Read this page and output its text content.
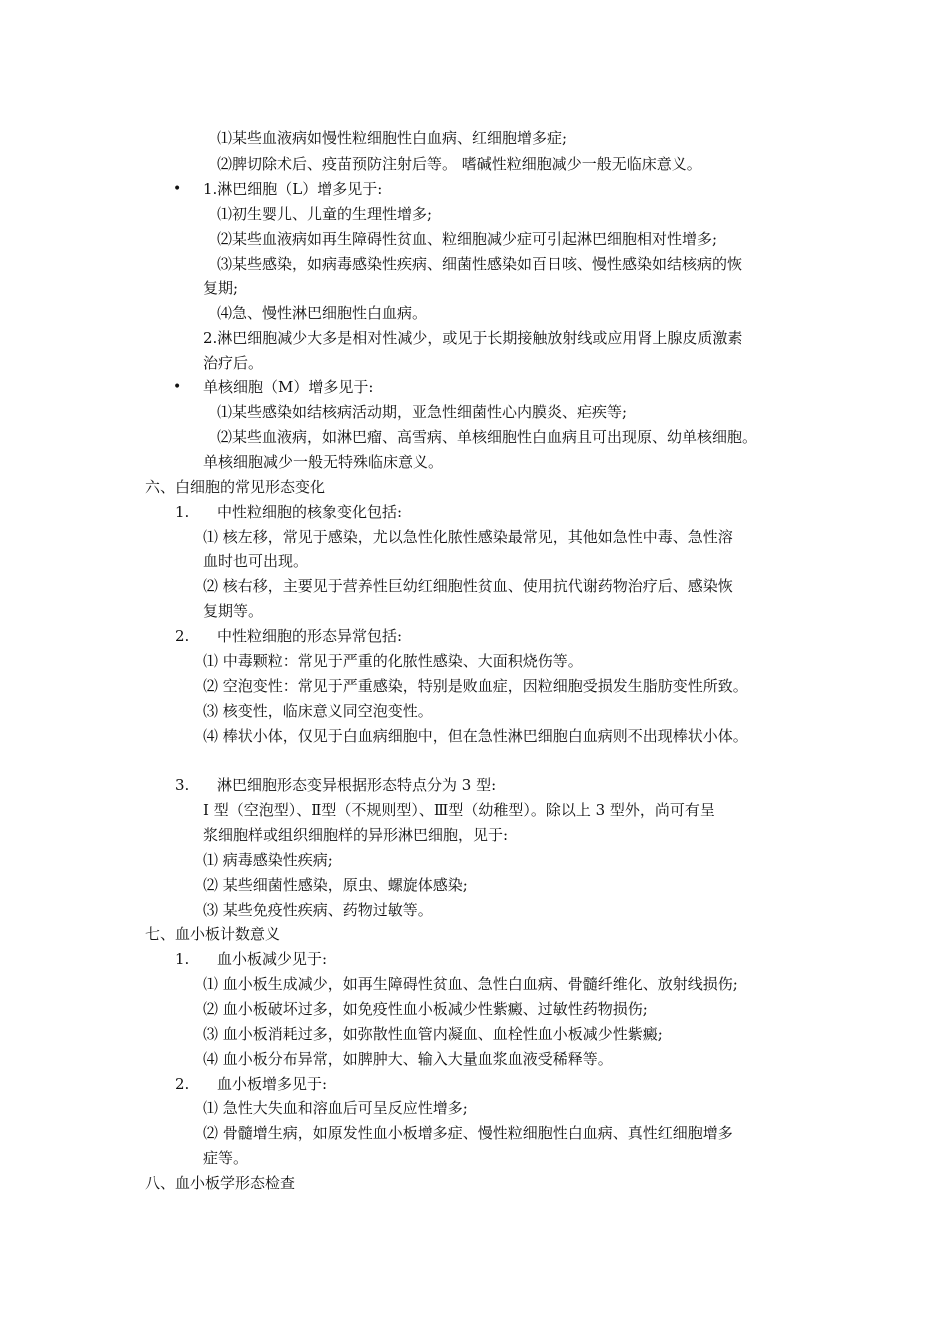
⑴某些血液病如慢性粒细胞性白血病、红细胞增多症;
⑵脾切除术后、疫苗预防注射后等。 嗜碱性粒细胞减少一般无临床意义。
• 1.淋巴细胞（L）增多见于:
⑴初生婴儿、儿童的生理性增多;
⑵某些血液病如再生障碍性贫血、粒细胞减少症可引起淋巴细胞相对性增多;
⑶某些感染，如病毒感染性疾病、细菌性感染如百日咳、慢性感染如结核病的恢
复期;
⑷急、慢性淋巴细胞性白血病。
2.淋巴细胞减少大多是相对性减少，或见于长期接触放射线或应用肾上腺皮质激素
治疗后。
• 单核细胞（M）增多见于:
⑴某些感染如结核病活动期，亚急性细菌性心内膜炎、疟疾等;
⑵某些血液病，如淋巴瘤、高雪病、单核细胞性白血病且可出现原、幼单核细胞。
单核细胞减少一般无特殊临床意义。
六、白细胞的常见形态变化
1. 中性粒细胞的核象变化包括:
⑴ 核左移，常见于感染，尤以急性化脓性感染最常见，其他如急性中毒、急性溶
血时也可出现。
⑵ 核右移，主要见于营养性巨幼红细胞性贫血、使用抗代谢药物治疗后、感染恢
复期等。
2. 中性粒细胞的形态异常包括:
⑴ 中毒颗粒：常见于严重的化脓性感染、大面积烧伤等。
⑵ 空泡变性：常见于严重感染，特别是败血症，因粒细胞受损发生脂肪变性所致。
⑶ 核变性，临床意义同空泡变性。
⑷ 棒状小体，仅见于白血病细胞中，但在急性淋巴细胞白血病则不出现棒状小体。
3. 淋巴细胞形态变异根据形态特点分为 3 型:
Ⅰ 型（空泡型）、Ⅱ型（不规则型）、Ⅲ型（幼稚型）。除以上 3 型外，尚可有呈
浆细胞样或组织细胞样的异形淋巴细胞，见于:
⑴ 病毒感染性疾病;
⑵ 某些细菌性感染，原虫、螺旋体感染;
⑶ 某些免疫性疾病、药物过敏等。
七、血小板计数意义
1. 血小板减少见于:
⑴ 血小板生成减少，如再生障碍性贫血、急性白血病、骨髓纤维化、放射线损伤;
⑵ 血小板破坏过多，如免疫性血小板减少性紫癜、过敏性药物损伤;
⑶ 血小板消耗过多，如弥散性血管内凝血、血栓性血小板减少性紫癜;
⑷ 血小板分布异常，如脾肿大、输入大量血浆血液受稀释等。
2. 血小板增多见于:
⑴ 急性大失血和溶血后可呈反应性增多;
⑵ 骨髓增生病，如原发性血小板增多症、慢性粒细胞性白血病、真性红细胞增多
症等。
八、血小板学形态检查
